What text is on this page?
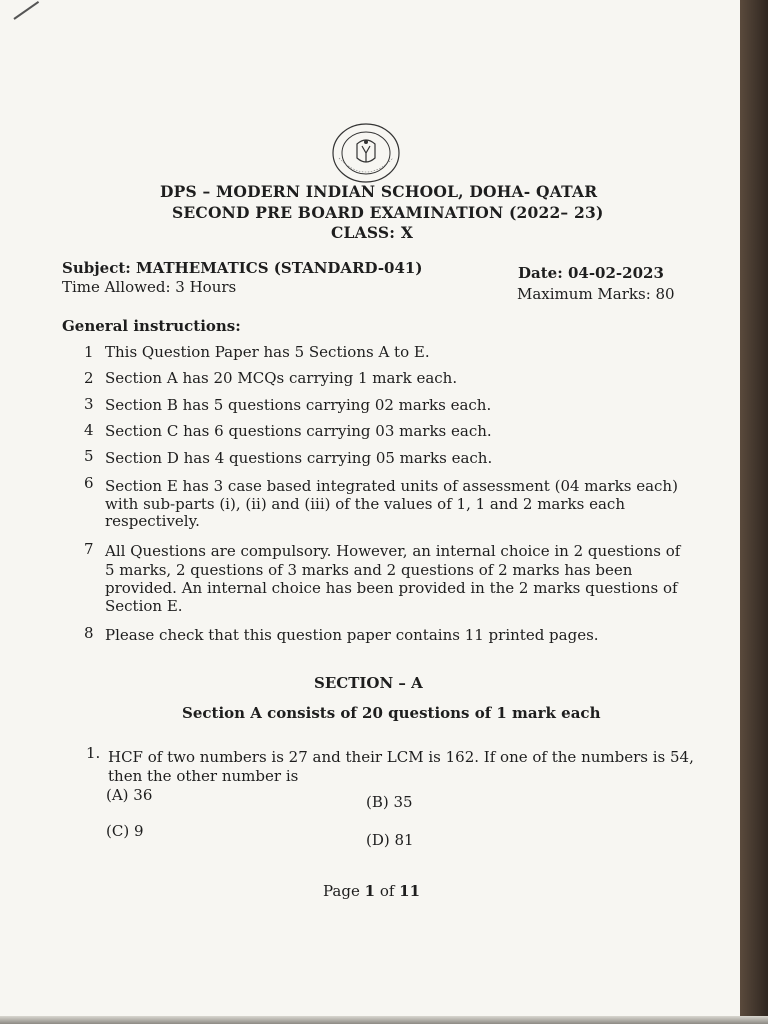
DPS – MODERN INDIAN SCHOOL, DOHA- QATAR
SECOND PRE BOARD EXAMINATION (2022– 23)
CLASS: X
Subject: MATHEMATICS (STANDARD-041)
Time Allowed: 3 Hours
Date: 04-02-2023
Maximum Marks: 80
General instructions:
1 This Question Paper has 5 Sections A to E.
2 Section A has 20 MCQs carrying 1 mark each.
3 Section B has 5 questions carrying 02 marks each.
4 Section C has 6 questions carrying 03 marks each.
5 Section D has 4 questions carrying 05 marks each.
6 Section E has 3 case based integrated units of assessment (04 marks each)
with sub-parts (i), (ii) and (iii) of the values of 1, 1 and 2 marks each
respectively.
7 All Questions are compulsory. However, an internal choice in 2 questions of
5 marks, 2 questions of 3 marks and 2 questions of 2 marks has been
provided. An internal choice has been provided in the 2 marks questions of
Section E.
8 Please check that this question paper contains 11 printed pages.
SECTION – A
Section A consists of 20 questions of 1 mark each
1. HCF of two numbers is 27 and their LCM is 162. If one of the numbers is 54,
then the other number is
(A) 36	(B) 35
(C) 9	(D) 81
Page 1 of 11
